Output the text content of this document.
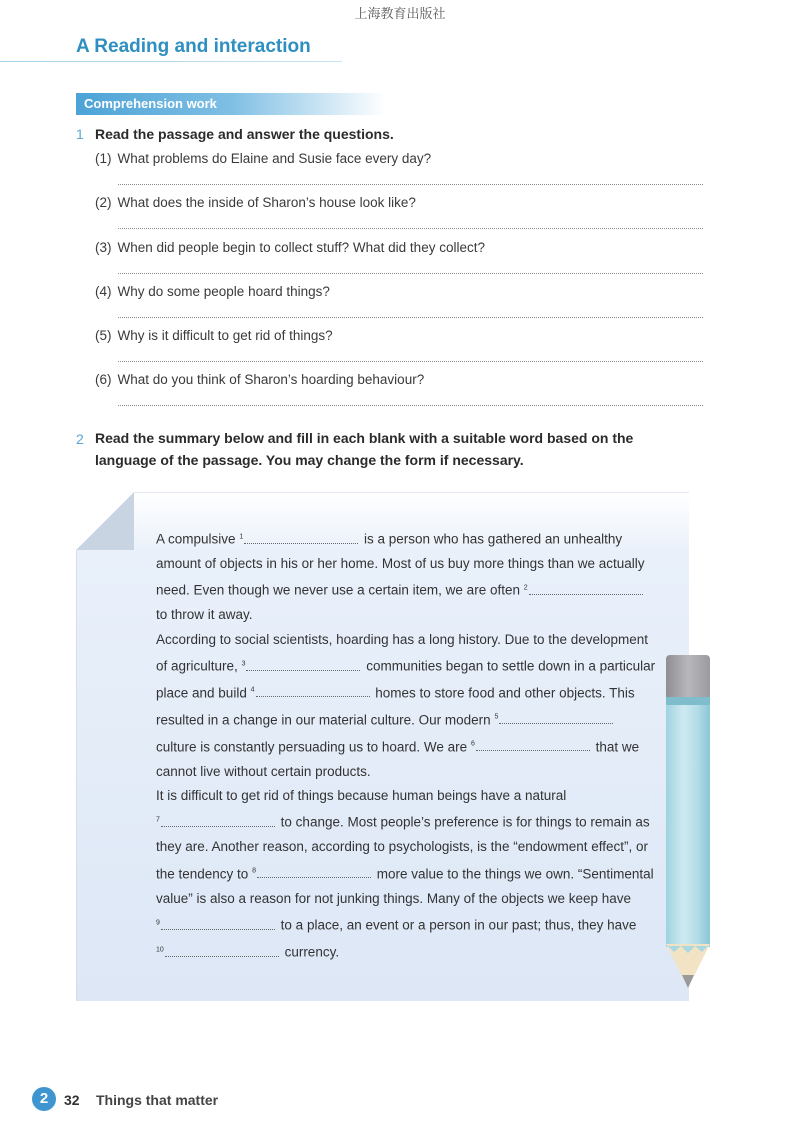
上海教育出版社
A Reading and interaction
Comprehension work
1 Read the passage and answer the questions.
(1) What problems do Elaine and Susie face every day?
(2) What does the inside of Sharon’s house look like?
(3) When did people begin to collect stuff? What did they collect?
(4) Why do some people hoard things?
(5) Why is it difficult to get rid of things?
(6) What do you think of Sharon’s hoarding behaviour?
2 Read the summary below and fill in each blank with a suitable word based on the
language of the passage. You may change the form if necessary.

A compulsive $^1$	is a person who has gathered an unhealthy amount of objects in his or her home. Most of us buy more things than we actually need. Even though we never use a certain item, we are often $^2$ to throw it away.

According to social scientists, hoarding has a long history. Due to the development of agriculture, $^3$	communities began to settle down in a particular place and build $^4$	homes to store food and other objects. This resulted in a change in our material culture. Our modern $^5$ culture is constantly persuading us to hoard. We are $^6$	that we cannot live without certain products.

It is difficult to get rid of things because human beings have a natural $^7$	to change. Most people’s preference is for things to remain as they are. Another reason, according to psychologists, is the “endowment effect”, or the tendency to $^8$	more value to the things we own. “Sentimental value” is also a reason for not junking things. Many of the objects we keep have $^9$	to a place, an event or a person in our past; thus, they have $^{10}$	currency.

2	32 Things that matter
